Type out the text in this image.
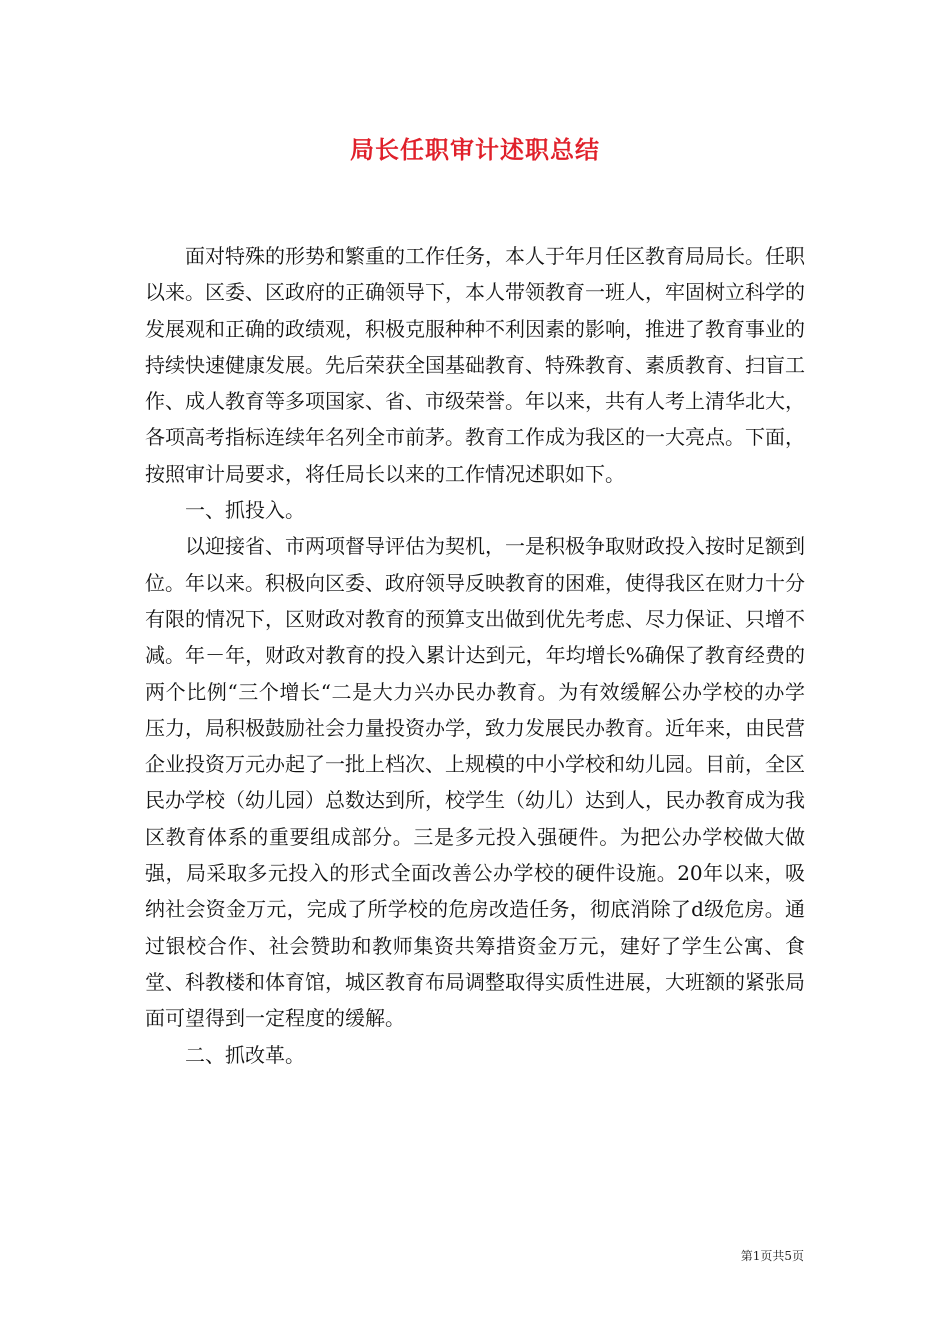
局长任职审计述职总结

面对特殊的形势和繁重的工作任务，本人于年月任区教育局局长。任职以来。区委、区政府的正确领导下，本人带领教育一班人，牢固树立科学的发展观和正确的政绩观，积极克服种种不利因素的影响，推进了教育事业的持续快速健康发展。先后荣获全国基础教育、特殊教育、素质教育、扫盲工作、成人教育等多项国家、省、市级荣誉。年以来，共有人考上清华北大，各项高考指标连续年名列全市前茅。教育工作成为我区的一大亮点。下面，按照审计局要求，将任局长以来的工作情况述职如下。

一、抓投入。

以迎接省、市两项督导评估为契机，一是积极争取财政投入按时足额到位。年以来。积极向区委、政府领导反映教育的困难，使得我区在财力十分有限的情况下，区财政对教育的预算支出做到优先考虑、尽力保证、只增不减。年－年，财政对教育的投入累计达到元，年均增长%确保了教育经费的两个比例“三个增长“二是大力兴办民办教育。为有效缓解公办学校的办学压力，局积极鼓励社会力量投资办学，致力发展民办教育。近年来，由民营企业投资万元办起了一批上档次、上规模的中小学校和幼儿园。目前，全区民办学校（幼儿园）总数达到所，校学生（幼儿）达到人，民办教育成为我区教育体系的重要组成部分。三是多元投入强硬件。为把公办学校做大做强，局采取多元投入的形式全面改善公办学校的硬件设施。20年以来，吸纳社会资金万元，完成了所学校的危房改造任务，彻底消除了d级危房。通过银校合作、社会赞助和教师集资共筹措资金万元，建好了学生公寓、食堂、科教楼和体育馆，城区教育布局调整取得实质性进展，大班额的紧张局面可望得到一定程度的缓解。

二、抓改革。

第1页共5页
